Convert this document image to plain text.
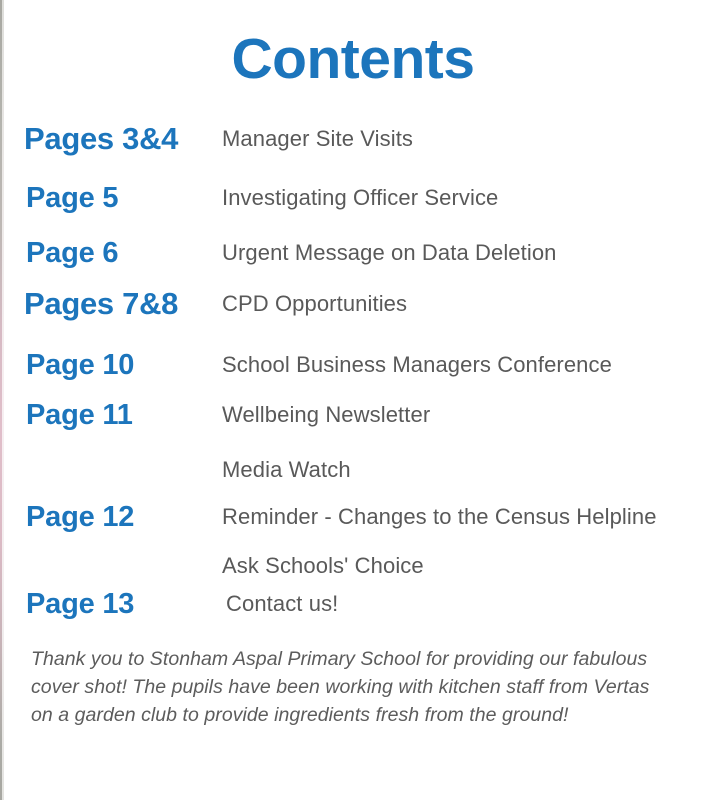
Contents
Pages 3&4 Manager Site Visits
Page 5	Investigating Officer Service
Page 6	Urgent Message on Data Deletion
Pages 7&8 CPD Opportunities
Page 10	School Business Managers Conference
Page 11	Wellbeing Newsletter
Media Watch
Page 12	Reminder - Changes to the Census Helpline
Ask Schools' Choice
Page 13	Contact us!
Thank you to Stonham Aspal Primary School for providing our fabulous
cover shot! The pupils have been working with kitchen staff from Vertas
on a garden club to provide ingredients fresh from the ground!
